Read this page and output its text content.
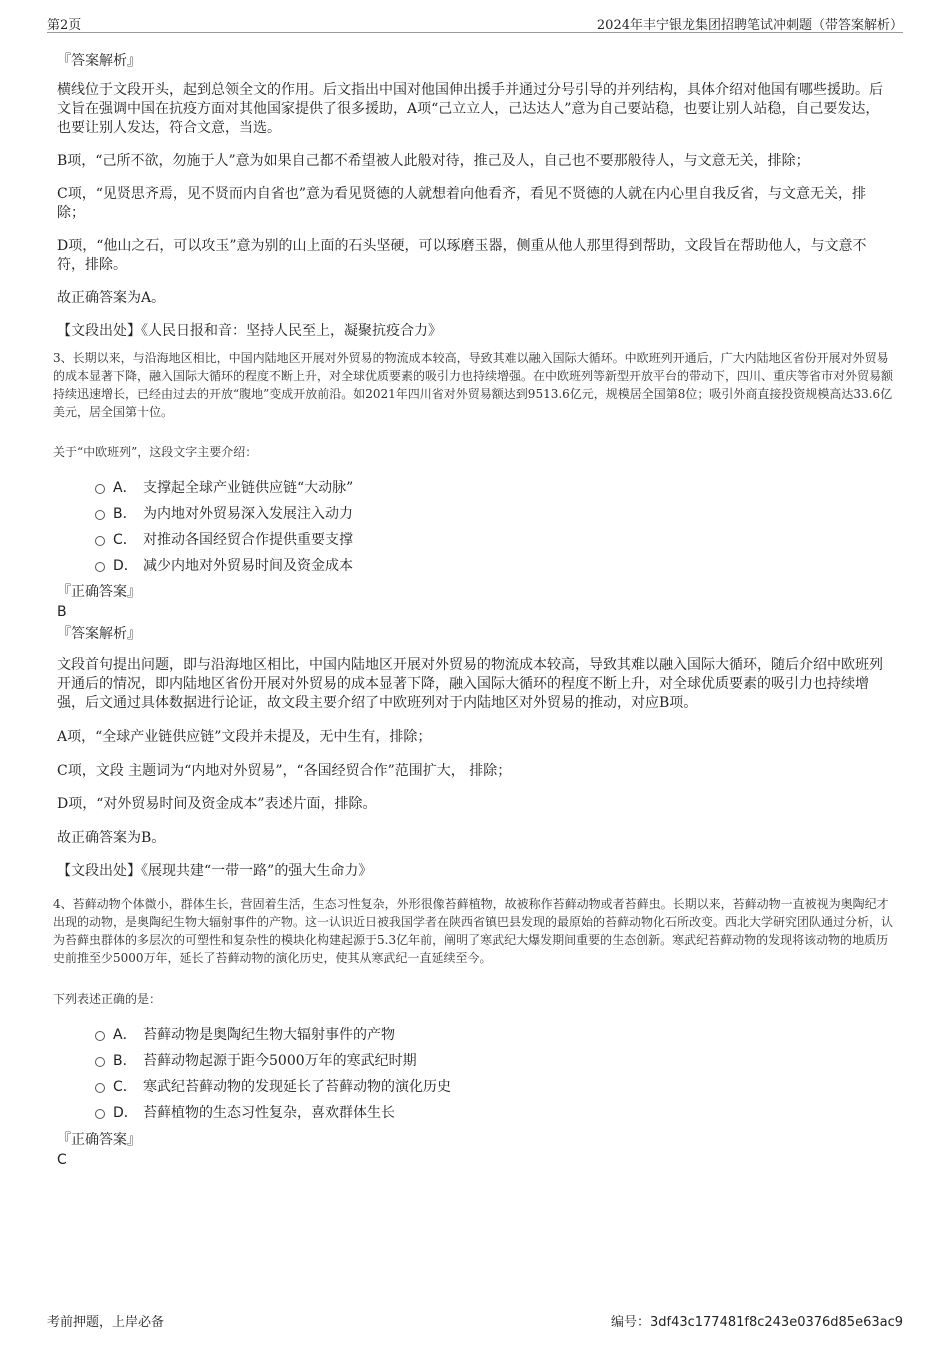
第2页	2024年丰宁银龙集团招聘笔试冲刺题（带答案解析）
『答案解析』
横线位于文段开头，起到总领全文的作用。后文指出中国对他国伸出援手并通过分号引导的并列结构，具体介绍对他国有哪些援助。后文旨在强调中国在抗疫方面对其他国家提供了很多援助，A项“己立立人，己达达人”意为自己要站稳，也要让别人站稳，自己要发达，也要让别人发达，符合文意，当选。
B项，“己所不欲，勿施于人”意为如果自己都不希望被人此般对待，推己及人，自己也不要那般待人，与文意无关，排除；
C项，“见贤思齐焉，见不贤而内自省也”意为看见贤德的人就想着向他看齐，看见不贤德的人就在内心里自我反省，与文意无关，排除；
D项，“他山之石，可以攻玉”意为别的山上面的石头坚硬，可以琢磨玉器，侧重从他人那里得到帮助，文段旨在帮助他人，与文意不符，排除。
故正确答案为A。
【文段出处】《人民日报和音：坚持人民至上，凝聚抗疫合力》
3、长期以来，与沿海地区相比，中国内陆地区开展对外贸易的物流成本较高，导致其难以融入国际大循环。中欧班列开通后，广大内陆地区省份开展对外贸易的成本显著下降，融入国际大循环的程度不断上升，对全球优质要素的吸引力也持续增强。在中欧班列等新型开放平台的带动下，四川、重庆等省市对外贸易额持续迅速增长，已经由过去的开放“腹地”变成开放前沿。如2021年四川省对外贸易额达到9513.6亿元，规模居全国第8位；吸引外商直接投资规模高达33.6亿美元，居全国第十位。
关于“中欧班列”，这段文字主要介绍：
A． 支撑起全球产业链供应链“大动脉”
B． 为内地对外贸易深入发展注入动力
C． 对推动各国经贸合作提供重要支撑
D． 减少内地对外贸易时间及资金成本
『正确答案』
B
『答案解析』
文段首句提出问题，即与沿海地区相比，中国内陆地区开展对外贸易的物流成本较高，导致其难以融入国际大循环，随后介绍中欧班列开通后的情况，即内陆地区省份开展对外贸易的成本显著下降，融入国际大循环的程度不断上升，对全球优质要素的吸引力也持续增强，后文通过具体数据进行论证，故文段主要介绍了中欧班列对于内陆地区对外贸易的推动，对应B项。
A项，“全球产业链供应链”文段并未提及，无中生有，排除；
C项，文段 主题词为“内地对外贸易”，“各国经贸合作”范围扩大， 排除；
D项，“对外贸易时间及资金成本”表述片面，排除。
故正确答案为B。
【文段出处】《展现共建“一带一路”的强大生命力》
4、苔藓动物个体微小，群体生长，营固着生活，生态习性复杂，外形很像苔藓植物，故被称作苔藓动物或者苔藓虫。长期以来，苔藓动物一直被视为奥陶纪才出现的动物，是奥陶纪生物大辐射事件的产物。这一认识近日被我国学者在陕西省镇巴县发现的最原始的苔藓动物化石所改变。西北大学研究团队通过分析，认为苔藓虫群体的多层次的可塑性和复杂性的模块化构建起源于5.3亿年前，阐明了寒武纪大爆发期间重要的生态创新。寒武纪苔藓动物的发现将该动物的地质历史前推至少5000万年，延长了苔藓动物的演化历史，使其从寒武纪一直延续至今。
下列表述正确的是：
A． 苔藓动物是奥陶纪生物大辐射事件的产物
B． 苔藓动物起源于距今5000万年的寒武纪时期
C． 寒武纪苔藓动物的发现延长了苔藓动物的演化历史
D． 苔藓植物的生态习性复杂，喜欢群体生长
『正确答案』
C
考前押题，上岸必备	编号：3df43c177481f8c243e0376d85e63ac9
